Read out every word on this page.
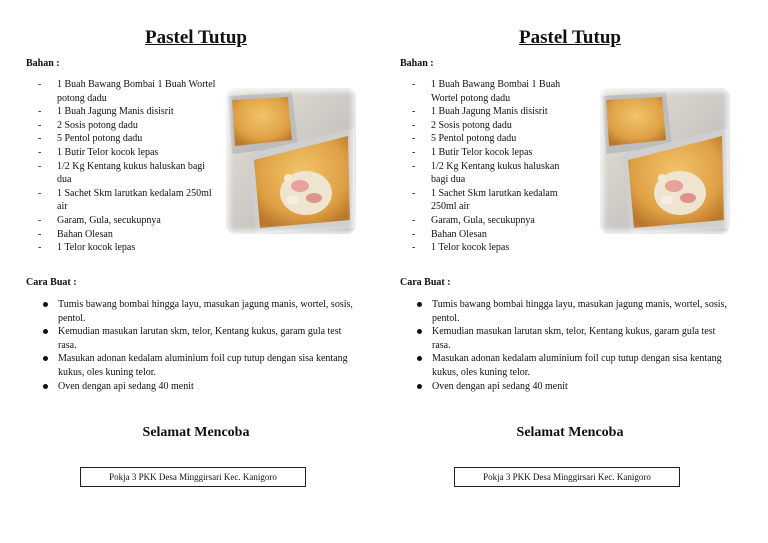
Pastel Tutup
Bahan :
- 1 Buah Bawang Bombai 1 Buah Wortel potong dadu
- 1 Buah Jagung Manis disisrit
- 2 Sosis potong dadu
- 5 Pentol potong dadu
- 1 Butir Telor kocok lepas
- 1/2 Kg Kentang kukus haluskan bagi dua
- 1 Sachet Skm larutkan kedalam 250ml air
- Garam, Gula, secukupnya
- Bahan Olesan
- 1 Telor kocok lepas
Cara Buat :
Tumis bawang bombai hingga layu, masukan jagung manis, wortel, sosis, pentol.
Kemudian masukan larutan skm, telor, Kentang kukus, garam gula test rasa.
Masukan adonan kedalam aluminium foil cup tutup dengan sisa kentang kukus, oles kuning telor.
Oven dengan api sedang 40 menit
Selamat Mencoba
Pokja 3 PKK Desa Minggirsari Kec. Kanigoro
Pastel Tutup
Bahan :
- 1 Buah Bawang Bombai 1 Buah Wortel potong dadu
- 1 Buah Jagung Manis disisrit
- 2 Sosis potong dadu
- 5 Pentol potong dadu
- 1 Butir Telor kocok lepas
- 1/2 Kg Kentang kukus haluskan bagi dua
- 1 Sachet Skm larutkan kedalam 250ml air
- Garam, Gula, secukupnya
- Bahan Olesan
- 1 Telor kocok lepas
Cara Buat :
Tumis bawang bombai hingga layu, masukan jagung manis, wortel, sosis, pentol.
Kemudian masukan larutan skm, telor, Kentang kukus, garam gula test rasa.
Masukan adonan kedalam aluminium foil cup tutup dengan sisa kentang kukus, oles kuning telor.
Oven dengan api sedang 40 menit
Selamat Mencoba
Pokja 3 PKK Desa Minggirsari Kec. Kanigoro
